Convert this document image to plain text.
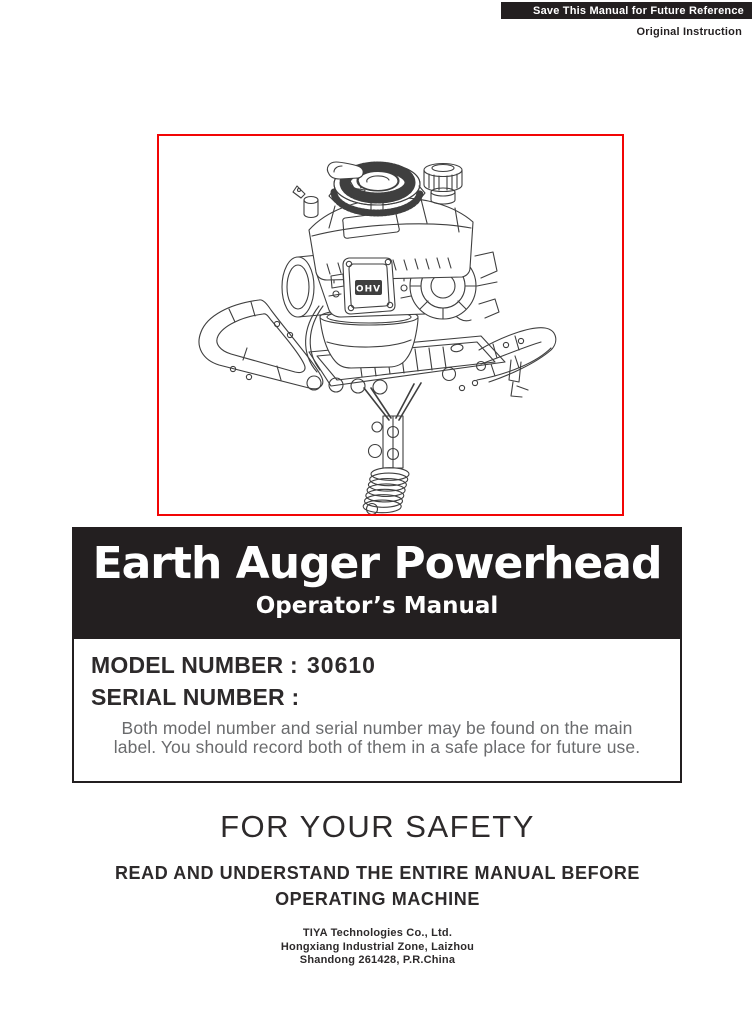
Save This Manual for Future Reference
Original Instruction
OHV
Earth Auger Powerhead
Operator’s Manual
MODEL NUMBER : 30610
SERIAL NUMBER :
Both model number and serial number may be found on the main
label. You should record both of them in a safe place for future use.
FOR YOUR SAFETY
READ AND UNDERSTAND THE ENTIRE MANUAL BEFORE
OPERATING MACHINE
TIYA Technologies Co., Ltd.
Hongxiang Industrial Zone, Laizhou
Shandong 261428, P.R.China
